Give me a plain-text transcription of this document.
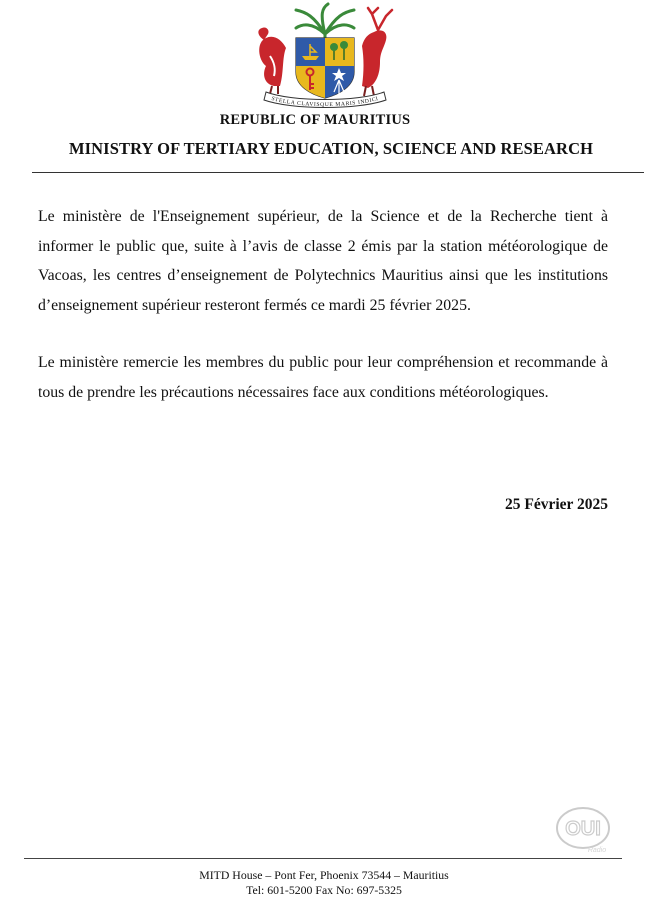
STELLA CLAVISQUE MARIS INDICI
REPUBLIC OF MAURITIUS
MINISTRY OF TERTIARY EDUCATION, SCIENCE AND RESEARCH

Le ministère de l'Enseignement supérieur, de la Science et de la Recherche tient à informer le public que, suite à l’avis de classe 2 émis par la station météorologique de Vacoas, les centres d’enseignement de Polytechnics Mauritius ainsi que les institutions d’enseignement supérieur resteront fermés ce mardi 25 février 2025.

Le ministère remercie les membres du public pour leur compréhension et recommande à tous de prendre les précautions nécessaires face aux conditions météorologiques.

25 Février 2025
OUI
Radio
MITD House – Pont Fer, Phoenix 73544 – Mauritius
Tel: 601-5200 Fax No: 697-5325
